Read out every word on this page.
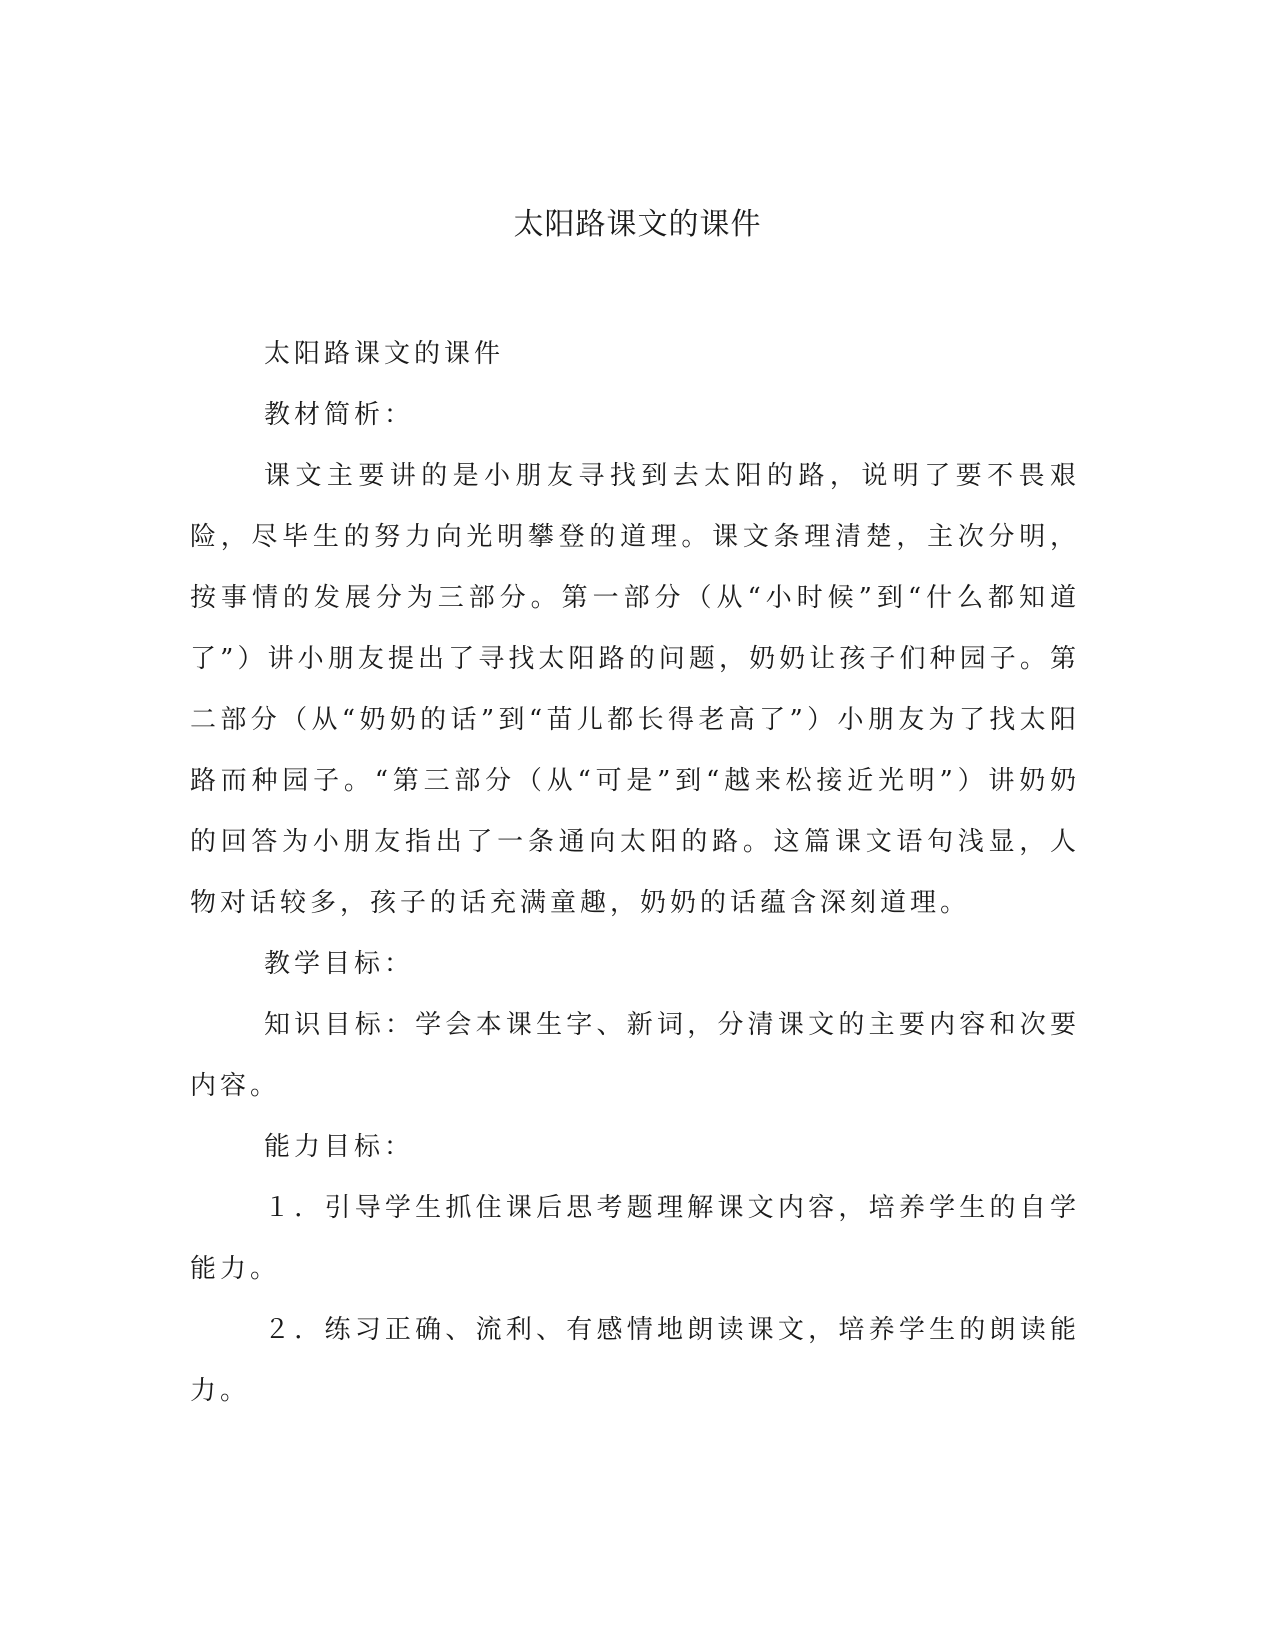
太阳路课文的课件

太阳路课文的课件

教材简析：

课文主要讲的是小朋友寻找到去太阳的路，说明了要不畏艰险，尽毕生的努力向光明攀登的道理。课文条理清楚，主次分明，按事情的发展分为三部分。第一部分（从“小时候”到“什么都知道了”）讲小朋友提出了寻找太阳路的问题，奶奶让孩子们种园子。第二部分（从“奶奶的话”到“苗儿都长得老高了”）小朋友为了找太阳路而种园子。“第三部分（从“可是”到“越来松接近光明”）讲奶奶的回答为小朋友指出了一条通向太阳的路。这篇课文语句浅显，人物对话较多，孩子的话充满童趣，奶奶的话蕴含深刻道理。

教学目标：

知识目标：学会本课生字、新词，分清课文的主要内容和次要内容。

能力目标：

１．引导学生抓住课后思考题理解课文内容，培养学生的自学能力。

２．练习正确、流利、有感情地朗读课文，培养学生的朗读能力。
